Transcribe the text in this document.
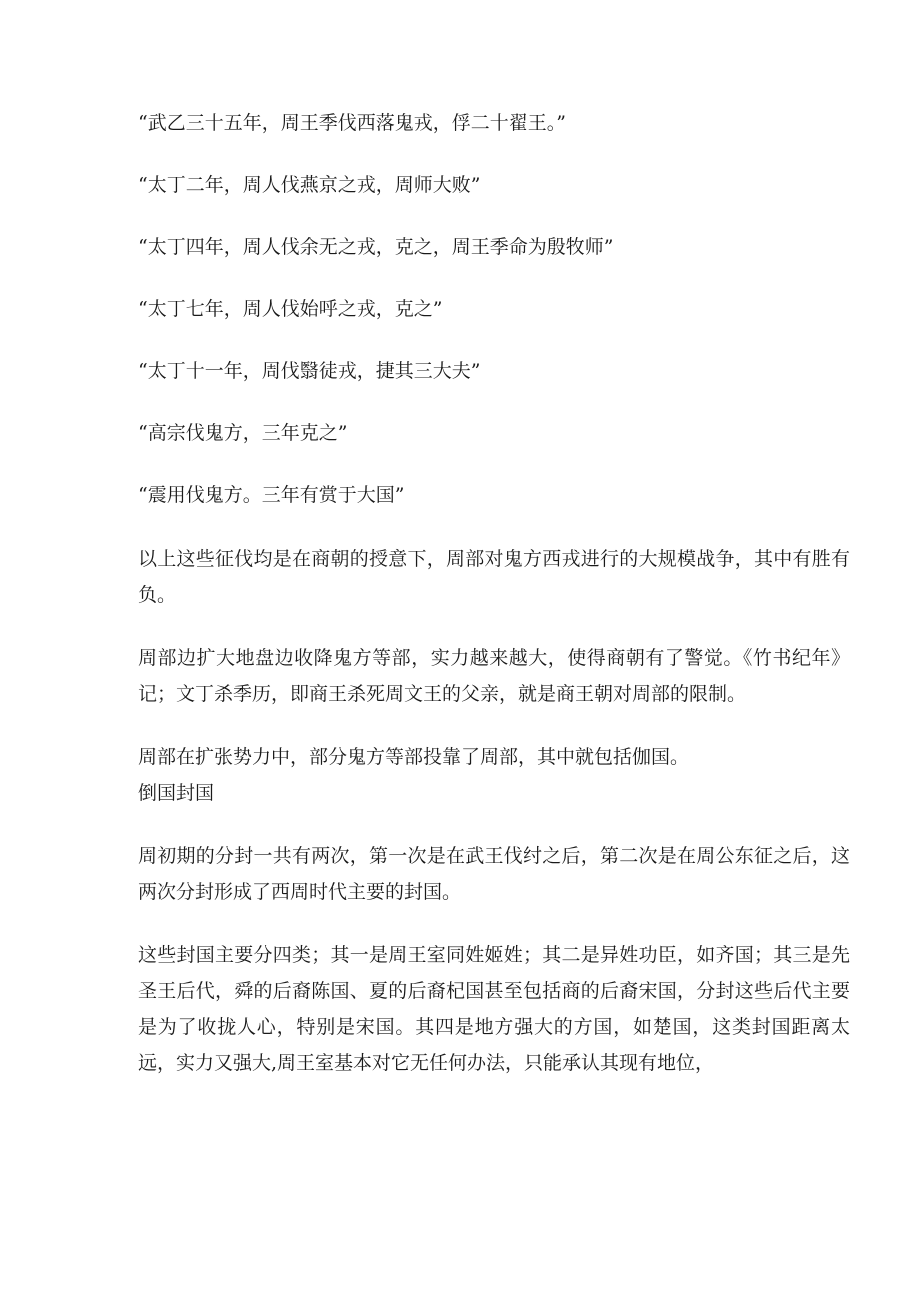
“武乙三十五年，周王季伐西落鬼戎，俘二十翟王。”

“太丁二年，周人伐燕京之戎，周师大败”

“太丁四年，周人伐余无之戎，克之，周王季命为殷牧师”

“太丁七年，周人伐始呼之戎，克之”

“太丁十一年，周伐翳徒戎，捷其三大夫”

“高宗伐鬼方，三年克之”

“震用伐鬼方。三年有赏于大国”

以上这些征伐均是在商朝的授意下，周部对鬼方西戎进行的大规模战争，其中有胜有负。

周部边扩大地盘边收降鬼方等部，实力越来越大，使得商朝有了警觉。《竹书纪年》记；文丁杀季历，即商王杀死周文王的父亲，就是商王朝对周部的限制。

周部在扩张势力中，部分鬼方等部投靠了周部，其中就包括伽国。

倒国封国

周初期的分封一共有两次，第一次是在武王伐纣之后，第二次是在周公东征之后，这两次分封形成了西周时代主要的封国。

这些封国主要分四类；其一是周王室同姓姬姓；其二是异姓功臣，如齐国；其三是先圣王后代，舜的后裔陈国、夏的后裔杞国甚至包括商的后裔宋国，分封这些后代主要是为了收拢人心，特别是宋国。其四是地方强大的方国，如楚国，这类封国距离太远，实力又强大,周王室基本对它无任何办法，只能承认其现有地位，
